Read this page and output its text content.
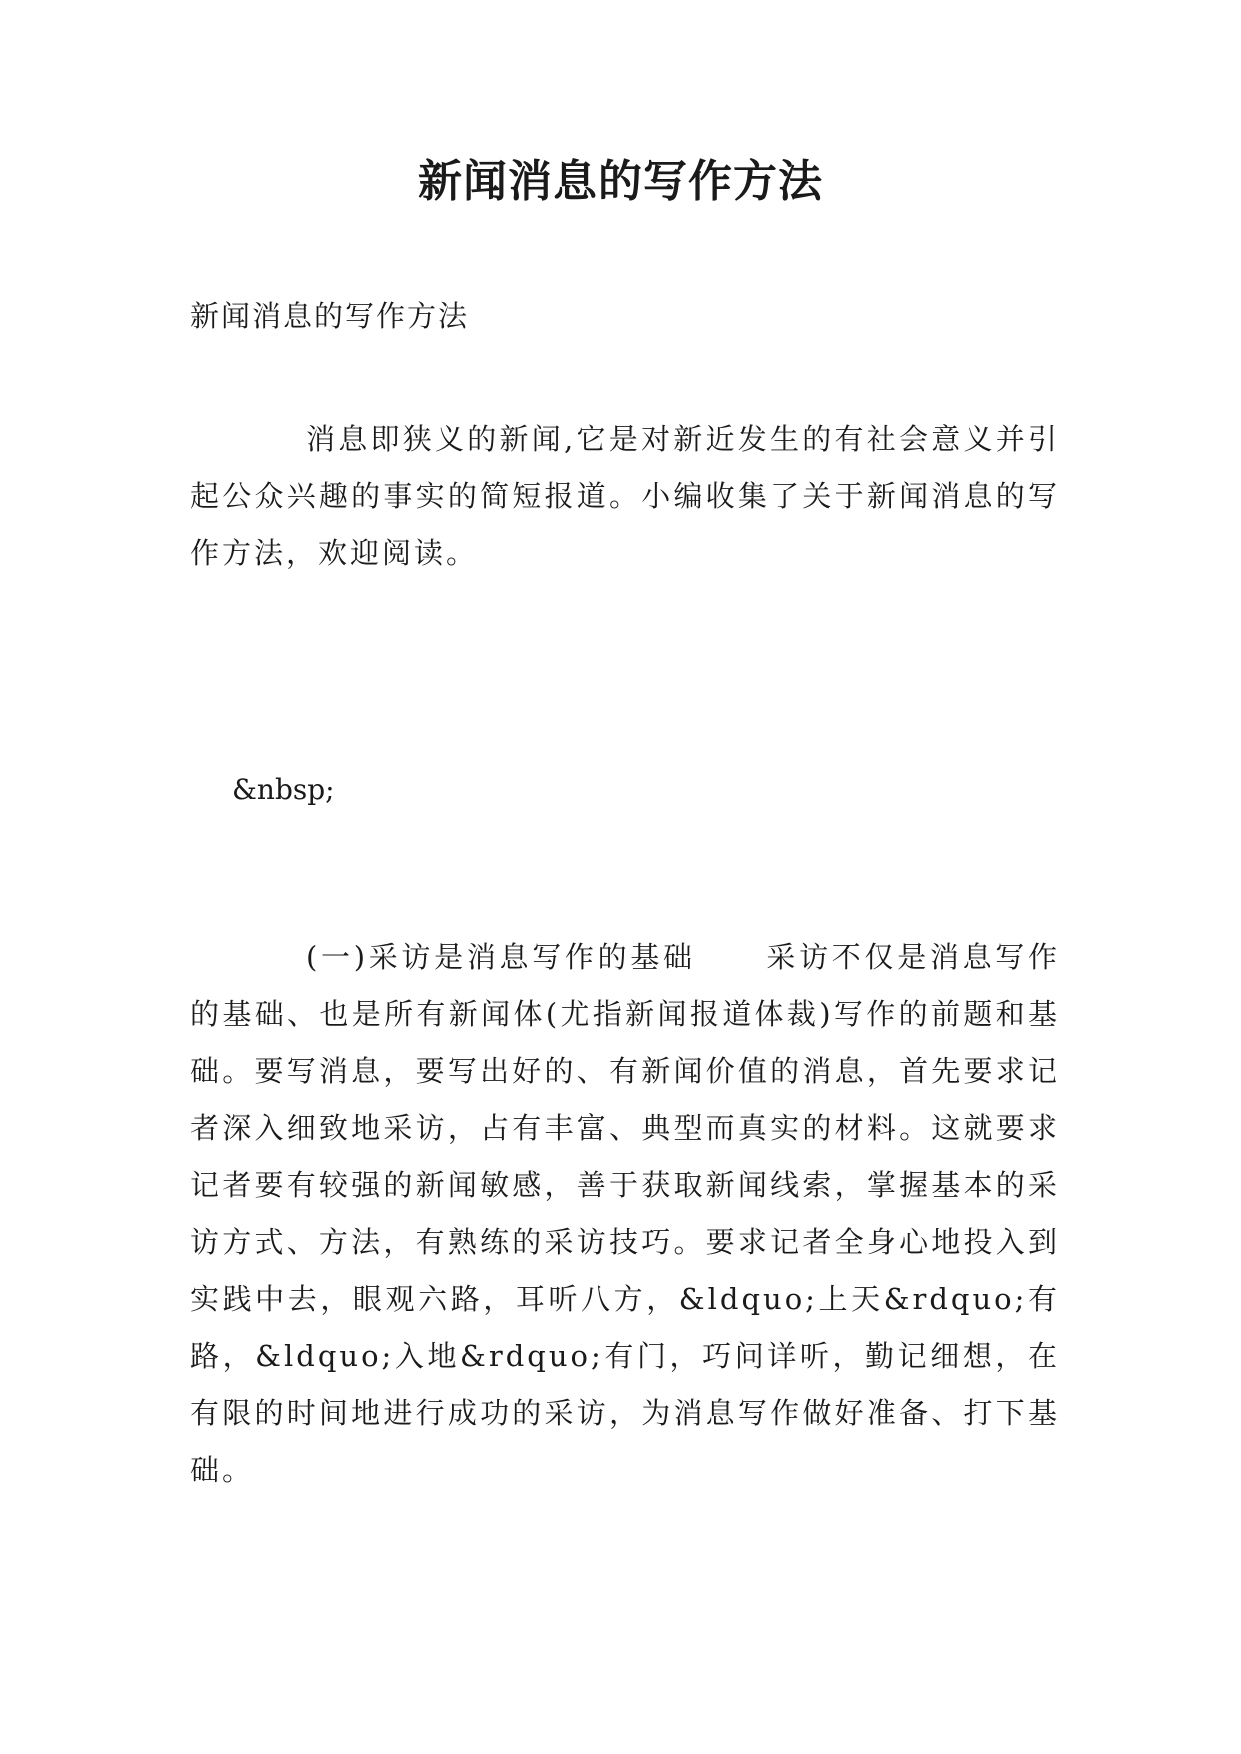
新闻消息的写作方法

新闻消息的写作方法

消息即狭义的新闻,它是对新近发生的有社会意义并引起公众兴趣的事实的简短报道。小编收集了关于新闻消息的写作方法，欢迎阅读。

&nbsp;

(一)采访是消息写作的基础 采访不仅是消息写作的基础、也是所有新闻体(尤指新闻报道体裁)写作的前题和基础。要写消息，要写出好的、有新闻价值的消息，首先要求记者深入细致地采访，占有丰富、典型而真实的材料。这就要求记者要有较强的新闻敏感，善于获取新闻线索，掌握基本的采访方式、方法，有熟练的采访技巧。要求记者全身心地投入到实践中去，眼观六路，耳听八方，&ldquo;上天&rdquo;有路，&ldquo;入地&rdquo;有门，巧问详听，勤记细想，在有限的时间地进行成功的采访，为消息写作做好准备、打下基础。
